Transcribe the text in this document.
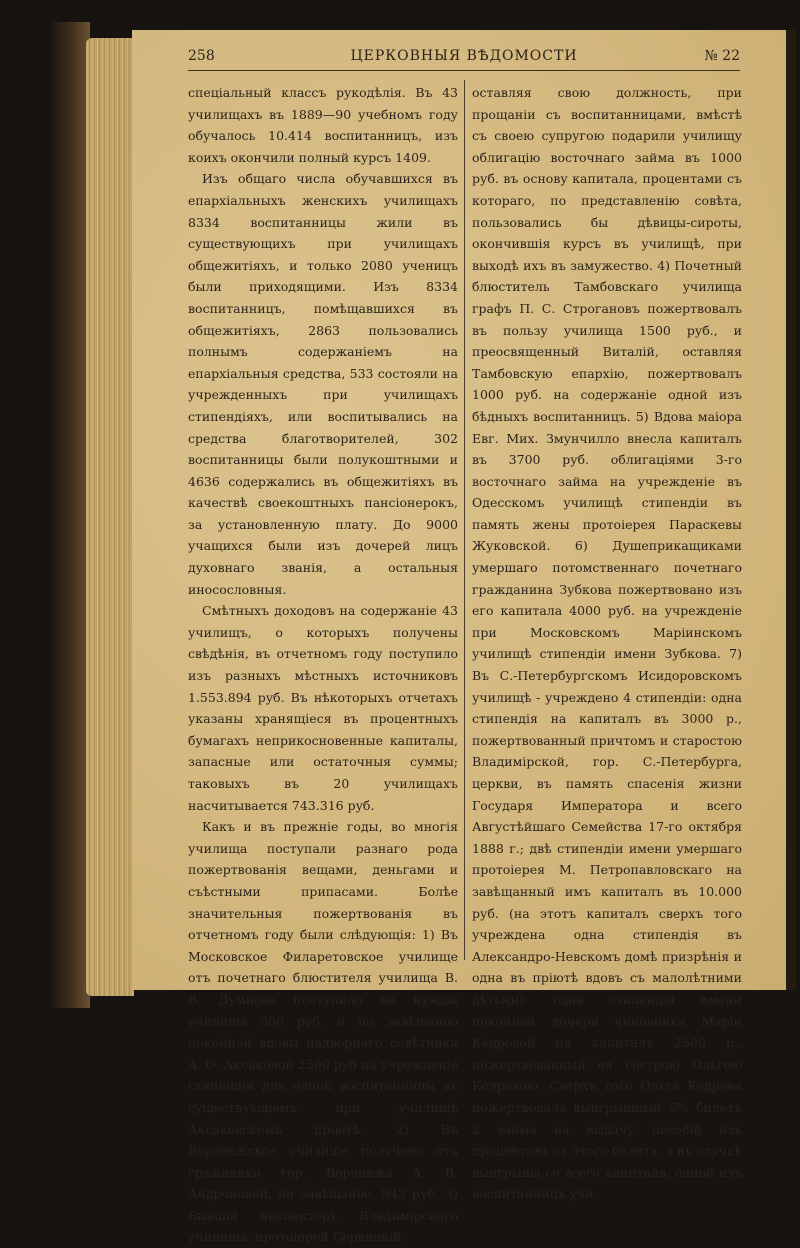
258	ЦЕРКОВНЫЯ ВѢДОМОСТИ	№ 22

спеціальный классъ рукодѣлія. Въ 43 училищахъ въ 1889—90 учебномъ году обучалось 10.414 воспитанницъ, изъ коихъ окончили полный курсъ 1409.

Изъ общаго числа обучавшихся въ епархіальныхъ женскихъ училищахъ 8334 воспитанницы жили въ существующихъ при училищахъ общежитіяхъ, и только 2080 ученицъ были приходящими. Изъ 8334 воспитанницъ, помѣщавшихся въ общежитіяхъ, 2863 пользовались полнымъ содержаніемъ на епархіальныя средства, 533 состояли на учрежденныхъ при училищахъ стипендіяхъ, или воспитывались на средства благотворителей, 302 воспитанницы были полукоштными и 4636 содержались въ общежитіяхъ въ качествѣ своекоштныхъ пансіонерокъ, за установленную плату. До 9000 учащихся были изъ дочерей лицъ духовнаго званія, а остальныя иносословныя.

Смѣтныхъ доходовъ на содержаніе 43 училищъ, о которыхъ получены свѣдѣнія, въ отчетномъ году поступило изъ разныхъ мѣстныхъ источниковъ 1.553.894 руб. Въ нѣкоторыхъ отчетахъ указаны хранящіеся въ процентныхъ бумагахъ неприкосновенные капиталы, запасные или остаточныя суммы; таковыхъ въ 20 училищахъ насчитывается 743.316 руб.

Какъ и въ прежніе годы, во многія училища поступали разнаго рода пожертвованія вещами, деньгами и съѣстными припасами. Болѣе значительныя пожертвованія въ отчетномъ году были слѣдующія: 1) Въ Московское Филаретовское училище отъ почетнаго блюстителя училища В. В. Думнова поступило на нужды училища 500 руб. и по завѣщанію покойной вдовы надворнаго совѣтника А. Ѳ. Аксаковой 2500 руб на учрежденіе стипендіи для одной воспитанницы въ существующемъ при училищѣ Аксаковскомъ пріютѣ. 2) Въ Воронежское училище получено отъ гражданки гор. Воронежа А. В. Андроновой, по завѣщанію, 943 руб. 3) Бывшій инспекторъ Владимірскаго училища, протоіерей Сервицкій,

оставляя свою должность, при прощаніи съ воспитанницами, вмѣстѣ съ своею супругою подарили училищу облигацію восточнаго займа въ 1000 руб. въ основу капитала, процентами съ котораго, по представленію совѣта, пользовались бы дѣвицы-сироты, окончившія курсъ въ училищѣ, при выходѣ ихъ въ замужество. 4) Почетный блюститель Тамбовскаго училища графъ П. С. Строгановъ пожертвовалъ въ пользу училища 1500 руб., и преосвященный Виталій, оставляя Тамбовскую епархію, пожертвовалъ 1000 руб. на содержаніе одной изъ бѣдныхъ воспитанницъ. 5) Вдова маіора Евг. Мих. Змунчилло внесла капиталъ въ 3700 руб. облигаціями 3-го восточнаго займа на учрежденіе въ Одесскомъ училищѣ стипендіи въ память жены протоіерея Параскевы Жуковской. 6) Душеприкащиками умершаго потомственнаго почетнаго гражданина Зубкова пожертвовано изъ его капитала 4000 руб. на учрежденіе при Московскомъ Маріинскомъ училищѣ стипендіи имени Зубкова. 7) Въ С.-Петербургскомъ Исидоровскомъ училищѣ - учреждено 4 стипендіи: одна стипендія на капиталъ въ 3000 р., пожертвованный причтомъ и старостою Владимірской, гор. С.-Петербурга, церкви, въ память спасенія жизни Государя Императора и всего Августѣйшаго Семейства 17-го октября 1888 г.; двѣ стипендіи имени умершаго протоіерея М. Петропавловскаго на завѣщанный имъ капиталъ въ 10.000 руб. (на этотъ капиталъ сверхъ того учреждена одна стипендія въ Александро-Невскомъ домѣ призрѣнія и одна въ пріютѣ вдовъ съ малолѣтними дѣтьми); одна стипендія имени покойной дочери чиновника Маріи Кедровой на капиталъ 2500 р., пожертвованный ея сестрою Ольгою Кедровою. Сверхъ того Ольга Кедрова пожертвовала выигрышный 5% билетъ 2 займа на выдачу пособій изъ процентовъ съ этого билета, а въ случаѣ выигрыша со всего капитала, одной изъ воспитанницъ учи-
